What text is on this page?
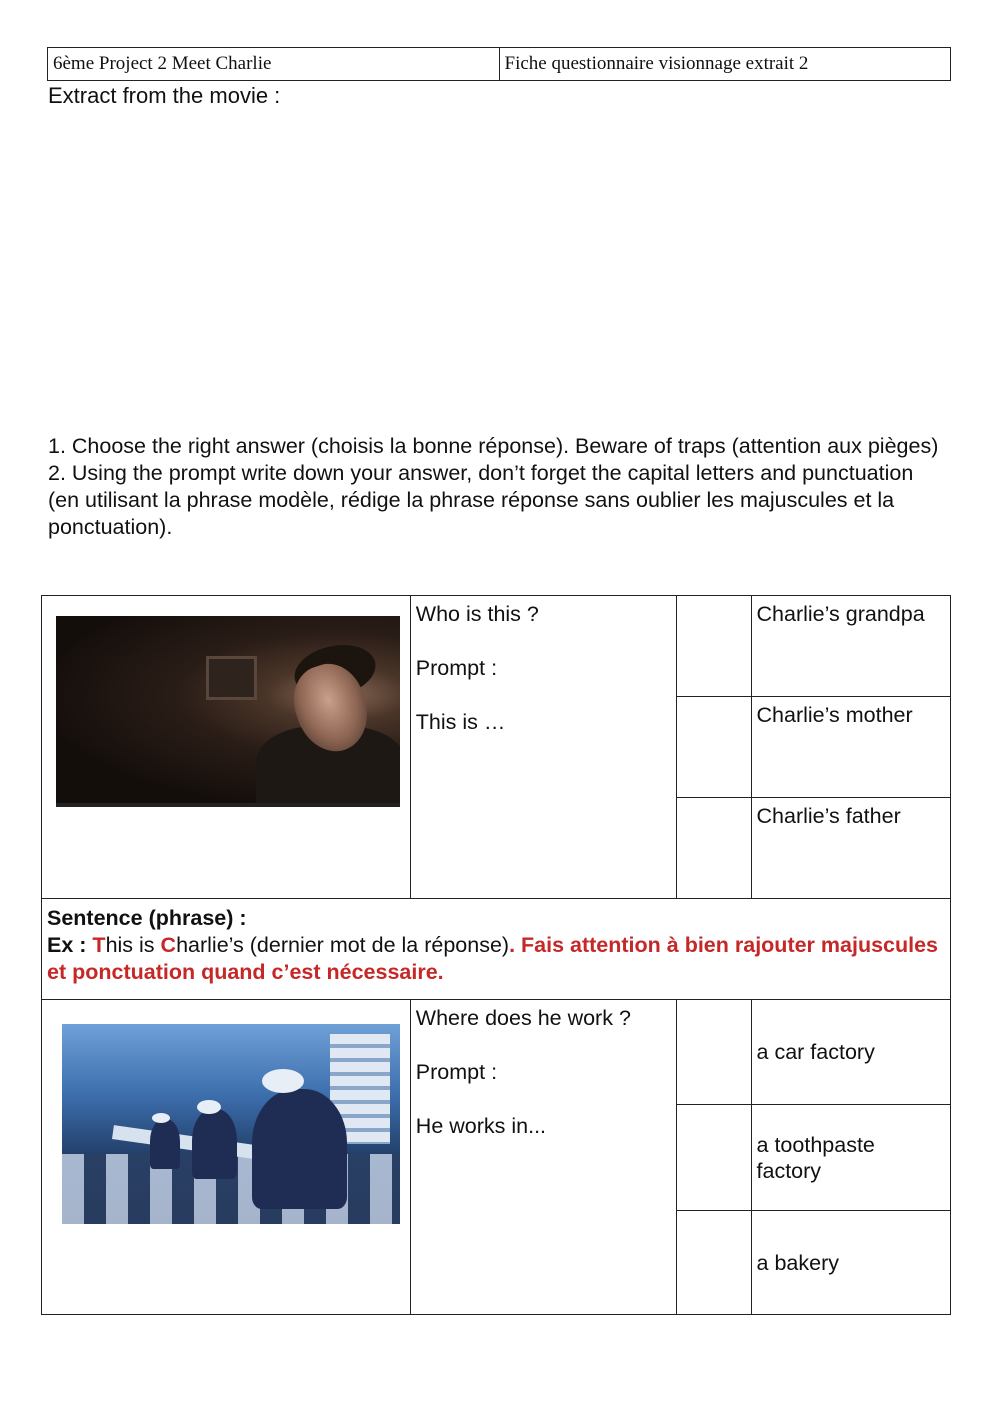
6ème Project 2 Meet Charlie	Fiche questionnaire visionnage extrait 2
Extract from the movie :

1. Choose the right answer (choisis la bonne réponse). Beware of traps (attention aux pièges)

2. Using the prompt write down your answer, don’t forget the capital letters and punctuation (en utilisant la phrase modèle, rédige la phrase réponse sans oublier les majuscules et la ponctuation).

	Who is this ?
Prompt :
This is …		Charlie’s grandpa

			Charlie’s mother

			Charlie’s father

Sentence (phrase) :
Ex : This is Charlie’s (dernier mot de la réponse). Fais attention à bien rajouter majuscules et ponctuation quand c’est nécessaire.			

	Where does he work ?
Prompt :
He works in...		a car factory

			a toothpaste factory

			a bakery
